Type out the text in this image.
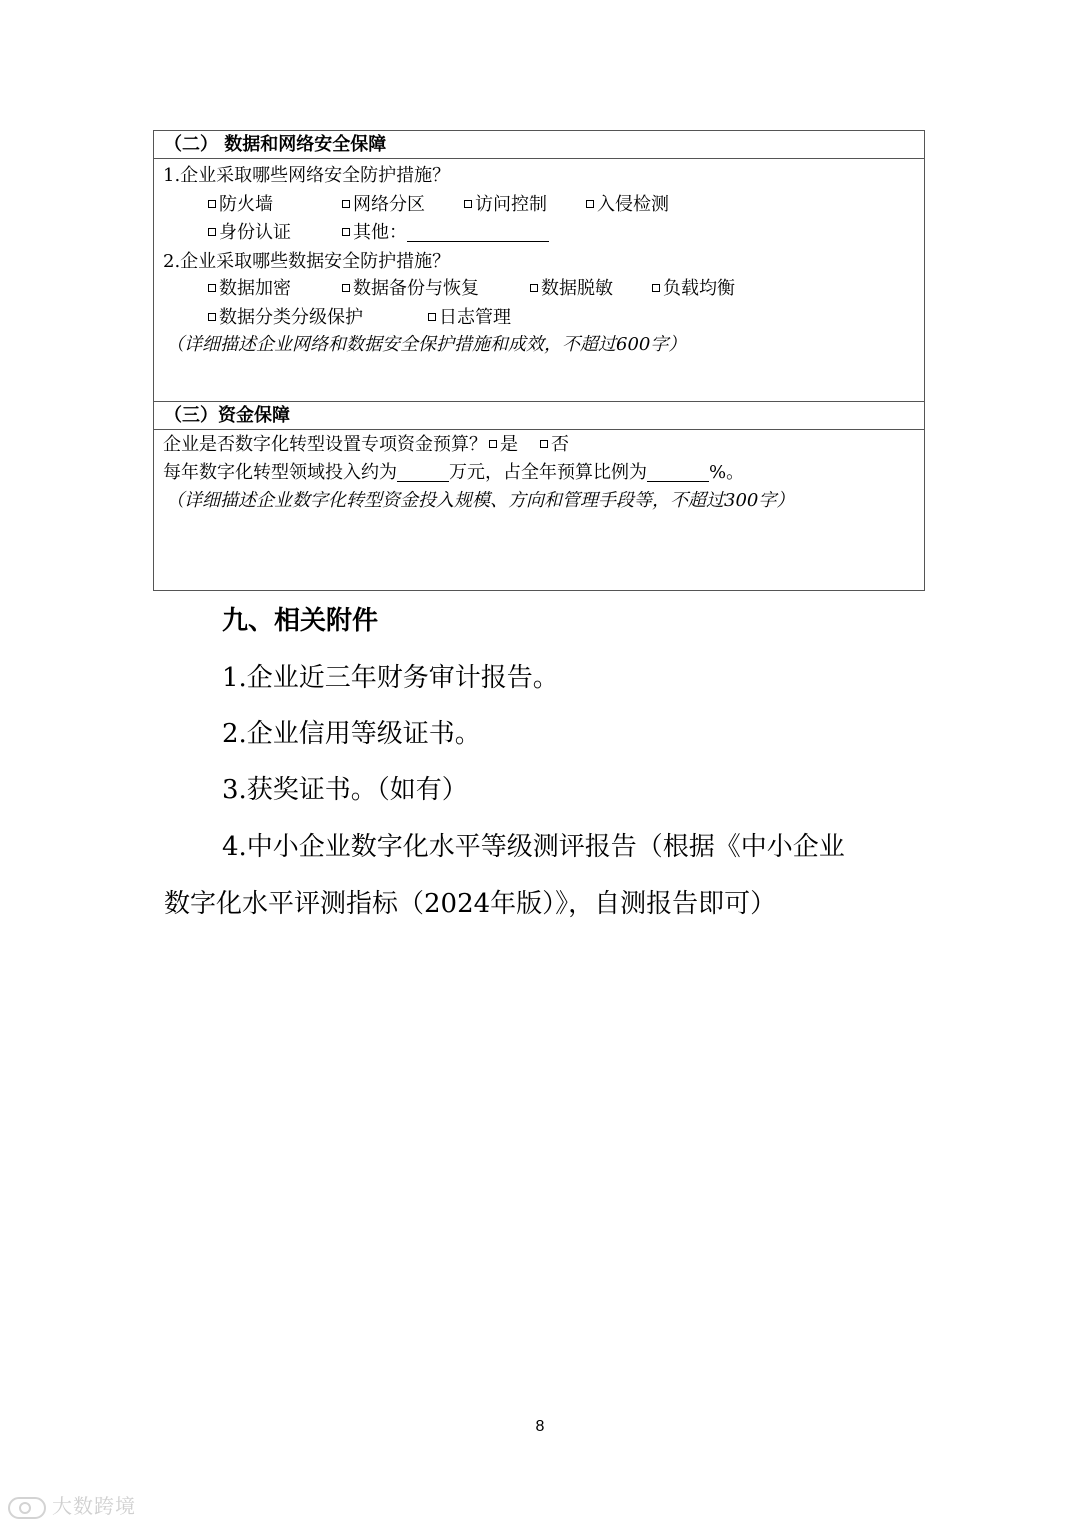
（二） 数据和网络安全保障
1.企业采取哪些网络安全防护措施？
防火墙	网络分区	访问控制	入侵检测
身份认证	其他：
2.企业采取哪些数据安全防护措施？
数据加密	数据备份与恢复	数据脱敏	负载均衡
数据分类分级保护	日志管理
（详细描述企业网络和数据安全保护措施和成效，不超过600字）
（三）资金保障
企业是否数字化转型设置专项资金预算？ 是 否
每年数字化转型领域投入约为	万元，占全年预算比例为	%。
（详细描述企业数字化转型资金投入规模、方向和管理手段等，不超过300字）
九、相关附件
1.企业近三年财务审计报告。
2.企业信用等级证书。
3.获奖证书。（如有）
4.中小企业数字化水平等级测评报告（根据《中小企业
数字化水平评测指标（2024年版）》，自测报告即可）
8
大数跨境
